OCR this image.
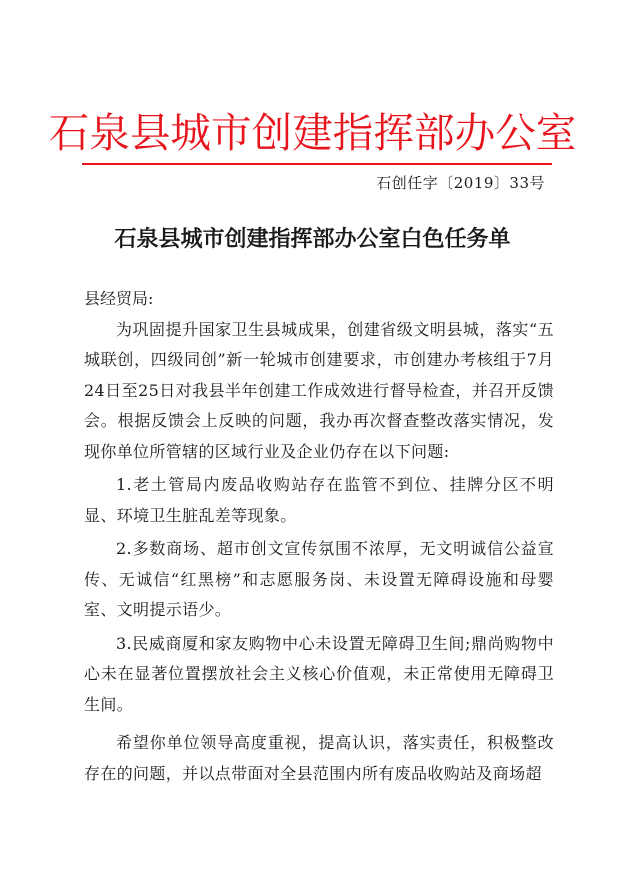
石泉县城市创建指挥部办公室
石创任字〔2019〕33号
石泉县城市创建指挥部办公室白色任务单

县经贸局:

为巩固提升国家卫生县城成果，创建省级文明县城，落实“五城联创，四级同创”新一轮城市创建要求，市创建办考核组于7月24日至25日对我县半年创建工作成效进行督导检查，并召开反馈会。根据反馈会上反映的问题，我办再次督查整改落实情况，发现你单位所管辖的区域行业及企业仍存在以下问题:

1.老土管局内废品收购站存在监管不到位、挂牌分区不明显、环境卫生脏乱差等现象。

2.多数商场、超市创文宣传氛围不浓厚，无文明诚信公益宣传、无诚信“红黑榜”和志愿服务岗、未设置无障碍设施和母婴室、文明提示语少。

3.民威商厦和家友购物中心未设置无障碍卫生间;鼎尚购物中心未在显著位置摆放社会主义核心价值观，未正常使用无障碍卫生间。

希望你单位领导高度重视，提高认识，落实责任，积极整改存在的问题，并以点带面对全县范围内所有废品收购站及商场超
